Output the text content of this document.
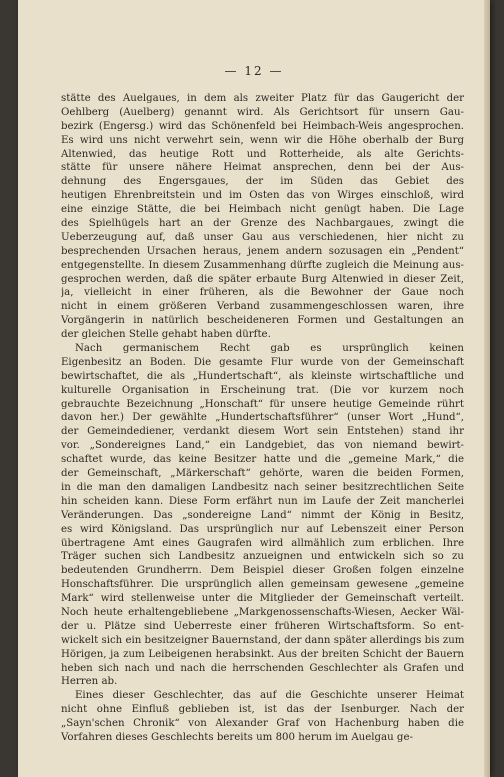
— 12 —

stätte des Auelgaues, in dem als zweiter Platz für das Gaugericht der
Oehlberg (Auelberg) genannt wird. Als Gerichtsort für unsern Gau-
bezirk (Engersg.) wird das Schönenfeld bei Heimbach-Weis angesprochen.
Es wird uns nicht verwehrt sein, wenn wir die Höhe oberhalb der Burg
Altenwied, das heutige Rott und Rotterheide, als alte Gerichts-
stätte für unsere nähere Heimat ansprechen, denn bei der Aus-
dehnung des Engersgaues, der im Süden das Gebiet des
heutigen Ehrenbreitstein und im Osten das von Wirges einschloß, wird
eine einzige Stätte, die bei Heimbach nicht genügt haben. Die Lage
des Spielhügels hart an der Grenze des Nachbargaues, zwingt die
Ueberzeugung auf, daß unser Gau aus verschiedenen, hier nicht zu
besprechenden Ursachen heraus, jenem andern sozusagen ein „Pendent“
entgegenstellte. In diesem Zusammenhang dürfte zugleich die Meinung aus-
gesprochen werden, daß die später erbaute Burg Altenwied in dieser Zeit,
ja, vielleicht in einer früheren, als die Bewohner der Gaue noch
nicht in einem größeren Verband zusammengeschlossen waren, ihre
Vorgängerin in natürlich bescheideneren Formen und Gestaltungen an
der gleichen Stelle gehabt haben dürfte.

Nach germanischem Recht gab es ursprünglich keinen
Eigenbesitz an Boden. Die gesamte Flur wurde von der Gemeinschaft
bewirtschaftet, die als „Hundertschaft“, als kleinste wirtschaftliche und
kulturelle Organisation in Erscheinung trat. (Die vor kurzem noch
gebrauchte Bezeichnung „Honschaft“ für unsere heutige Gemeinde rührt
davon her.) Der gewählte „Hundertschaftsführer“ (unser Wort „Hund“,
der Gemeindediener, verdankt diesem Wort sein Entstehen) stand ihr
vor. „Sondereignes Land,“ ein Landgebiet, das von niemand bewirt-
schaftet wurde, das keine Besitzer hatte und die „gemeine Mark,“ die
der Gemeinschaft, „Märkerschaft“ gehörte, waren die beiden Formen,
in die man den damaligen Landbesitz nach seiner besitzrechtlichen Seite
hin scheiden kann. Diese Form erfährt nun im Laufe der Zeit mancherlei
Veränderungen. Das „sondereigne Land“ nimmt der König in Besitz,
es wird Königsland. Das ursprünglich nur auf Lebenszeit einer Person
übertragene Amt eines Gaugrafen wird allmählich zum erblichen. Ihre
Träger suchen sich Landbesitz anzueignen und entwickeln sich so zu
bedeutenden Grundherrn. Dem Beispiel dieser Großen folgen einzelne
Honschaftsführer. Die ursprünglich allen gemeinsam gewesene „gemeine
Mark“ wird stellenweise unter die Mitglieder der Gemeinschaft verteilt.
Noch heute erhaltengebliebene „Markgenossenschafts-Wiesen, Aecker Wäl-
der u. Plätze sind Ueberreste einer früheren Wirtschaftsform. So ent-
wickelt sich ein besitzeigner Bauernstand, der dann später allerdings bis zum
Hörigen, ja zum Leibeigenen herabsinkt. Aus der breiten Schicht der Bauern
heben sich nach und nach die herrschenden Geschlechter als Grafen und
Herren ab.

Eines dieser Geschlechter, das auf die Geschichte unserer Heimat
nicht ohne Einfluß geblieben ist, ist das der Isenburger. Nach der
„Sayn'schen Chronik“ von Alexander Graf von Hachenburg haben die
Vorfahren dieses Geschlechts bereits um 800 herum im Auelgau ge-
